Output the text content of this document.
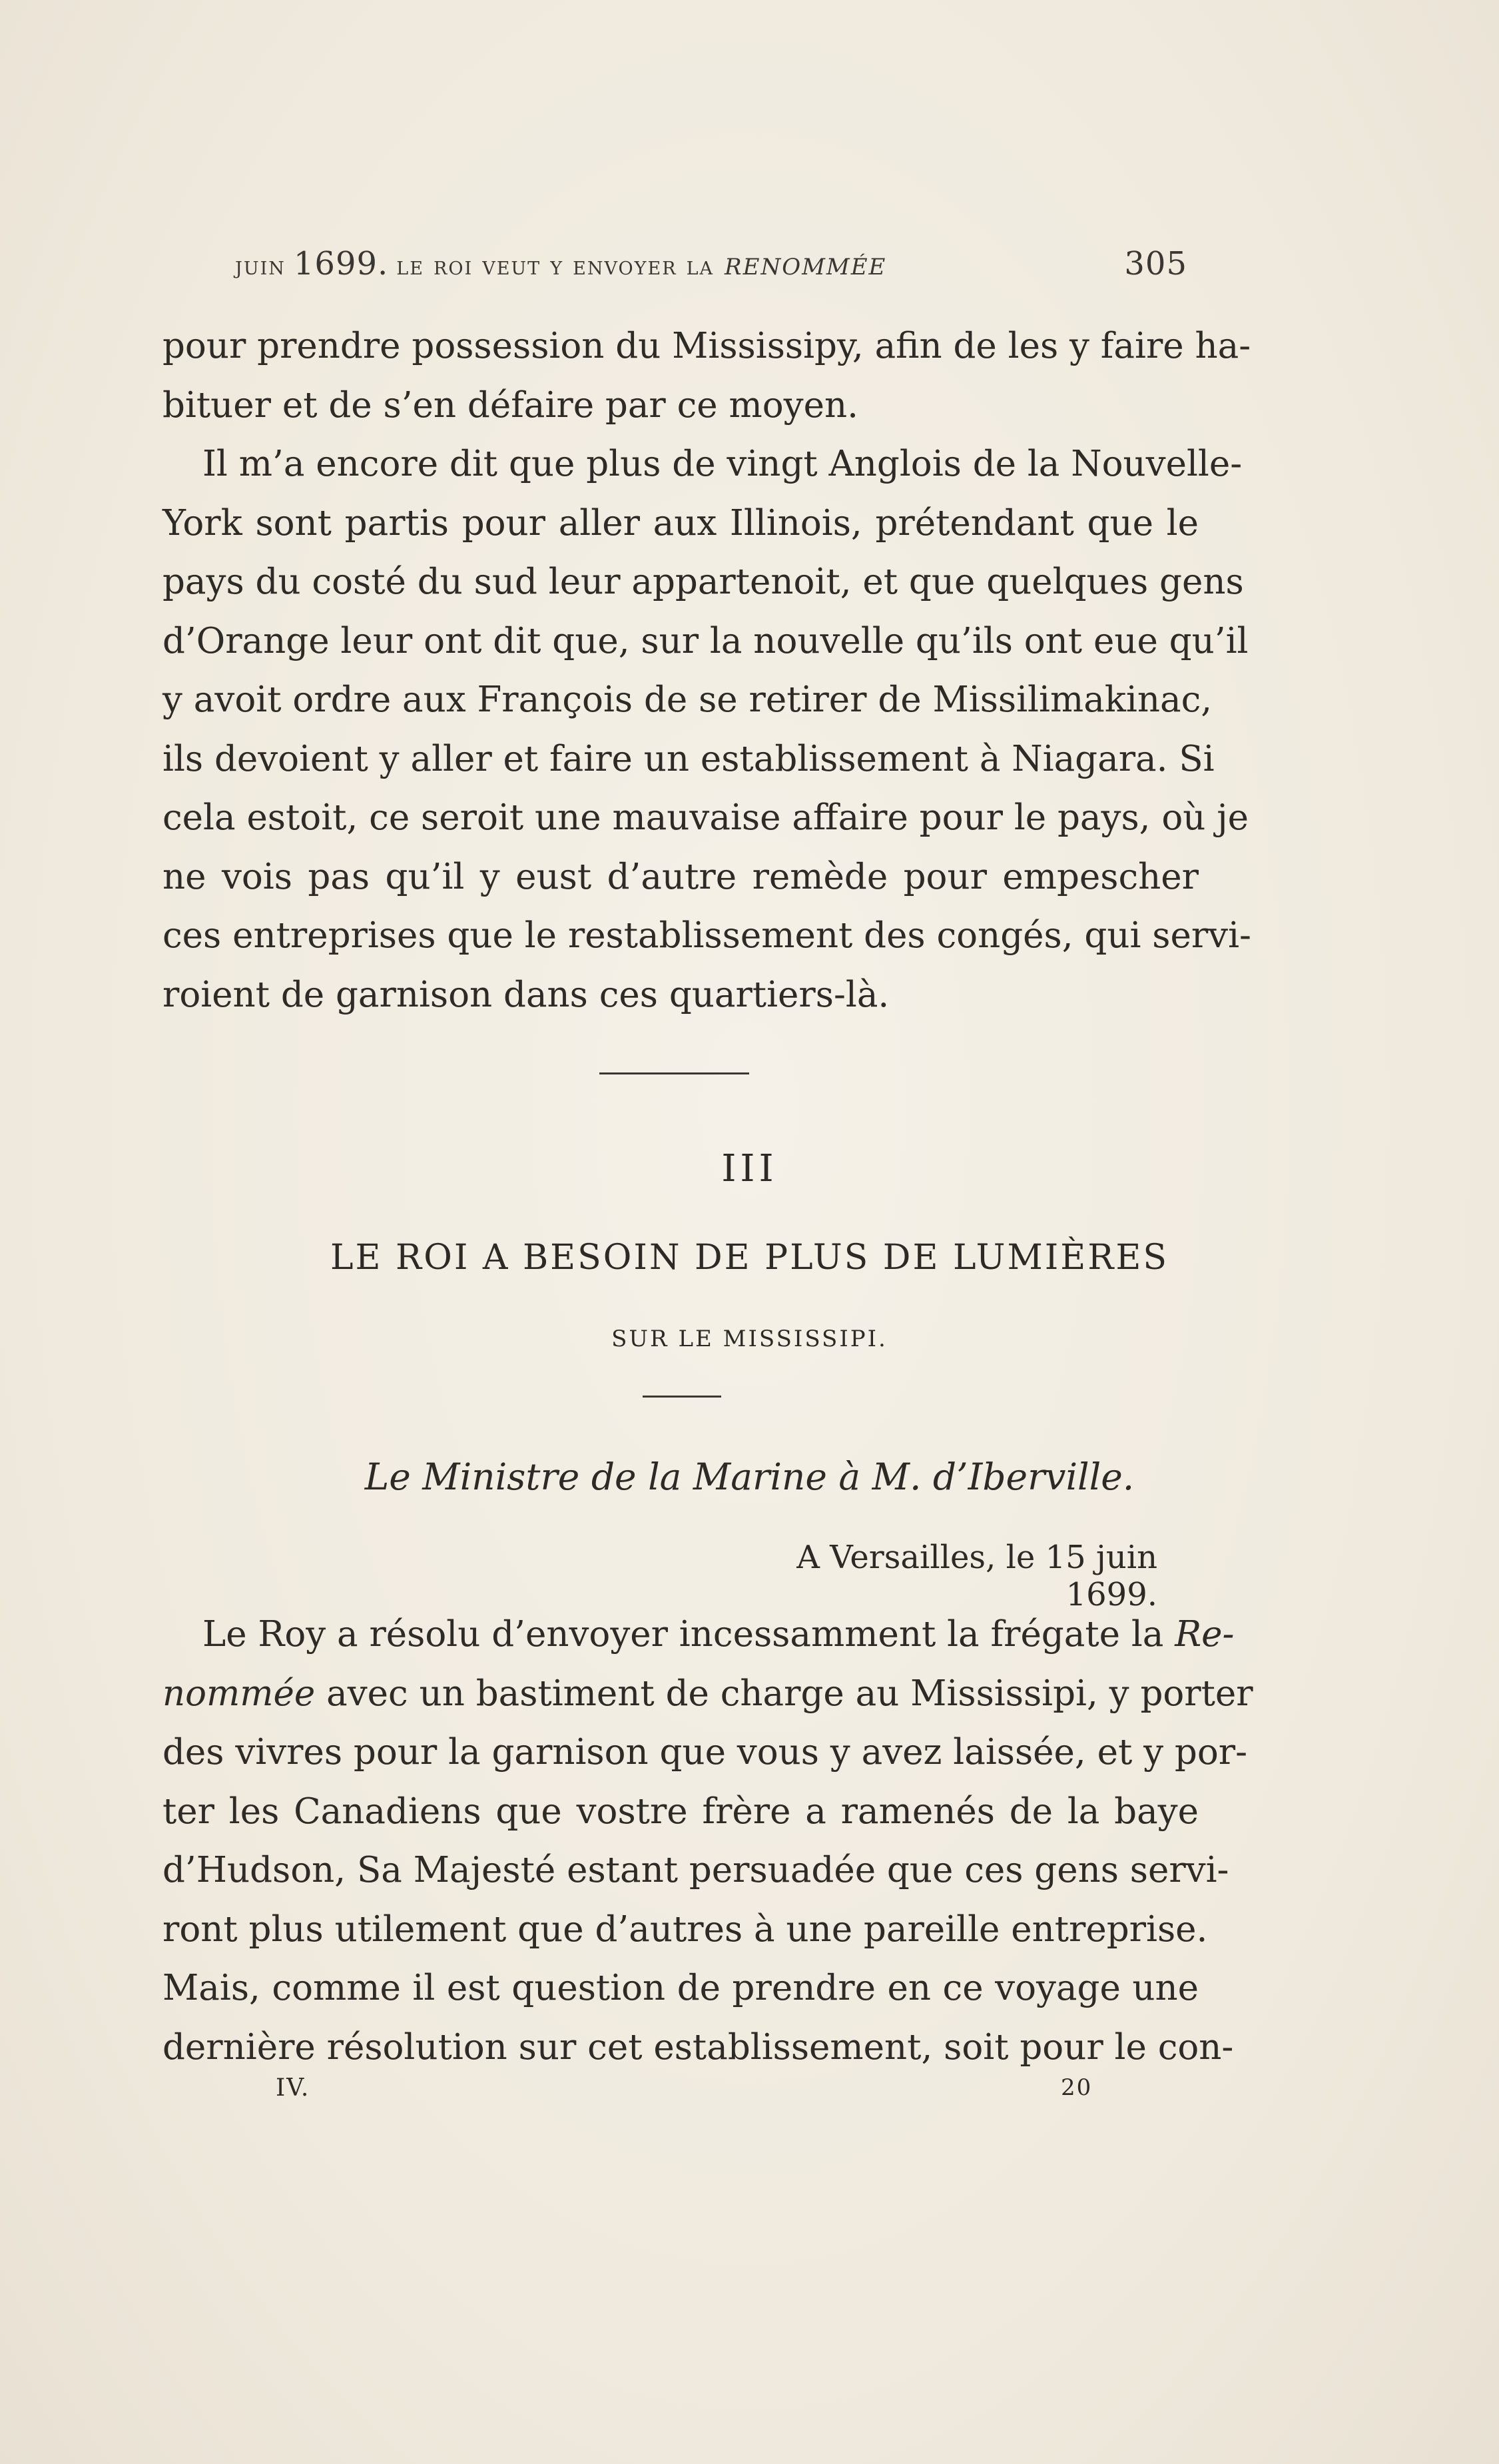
juin 1699. le roi veut y envoyer la RENOMMÉE	305
pour prendre possession du Mississipy, afin de les y faire ha-
bituer et de s’en défaire par ce moyen.
Il m’a encore dit que plus de vingt Anglois de la Nouvelle-
York sont partis pour aller aux Illinois, prétendant que le
pays du costé du sud leur appartenoit, et que quelques gens
d’Orange leur ont dit que, sur la nouvelle qu’ils ont eue qu’il
y avoit ordre aux François de se retirer de Missilimakinac,
ils devoient y aller et faire un establissement à Niagara. Si
cela estoit, ce seroit une mauvaise affaire pour le pays, où je
ne vois pas qu’il y eust d’autre remède pour empescher
ces entreprises que le restablissement des congés, qui servi-
roient de garnison dans ces quartiers-là.
III
LE ROI A BESOIN DE PLUS DE LUMIÈRES
SUR LE MISSISSIPI.
Le Ministre de la Marine à M. d’Iberville.
A Versailles, le 15 juin 1699.
Le Roy a résolu d’envoyer incessamment la frégate la Re-
nommée avec un bastiment de charge au Mississipi, y porter
des vivres pour la garnison que vous y avez laissée, et y por-
ter les Canadiens que vostre frère a ramenés de la baye
d’Hudson, Sa Majesté estant persuadée que ces gens servi-
ront plus utilement que d’autres à une pareille entreprise.
Mais, comme il est question de prendre en ce voyage une
dernière résolution sur cet establissement, soit pour le con-
IV.	20
